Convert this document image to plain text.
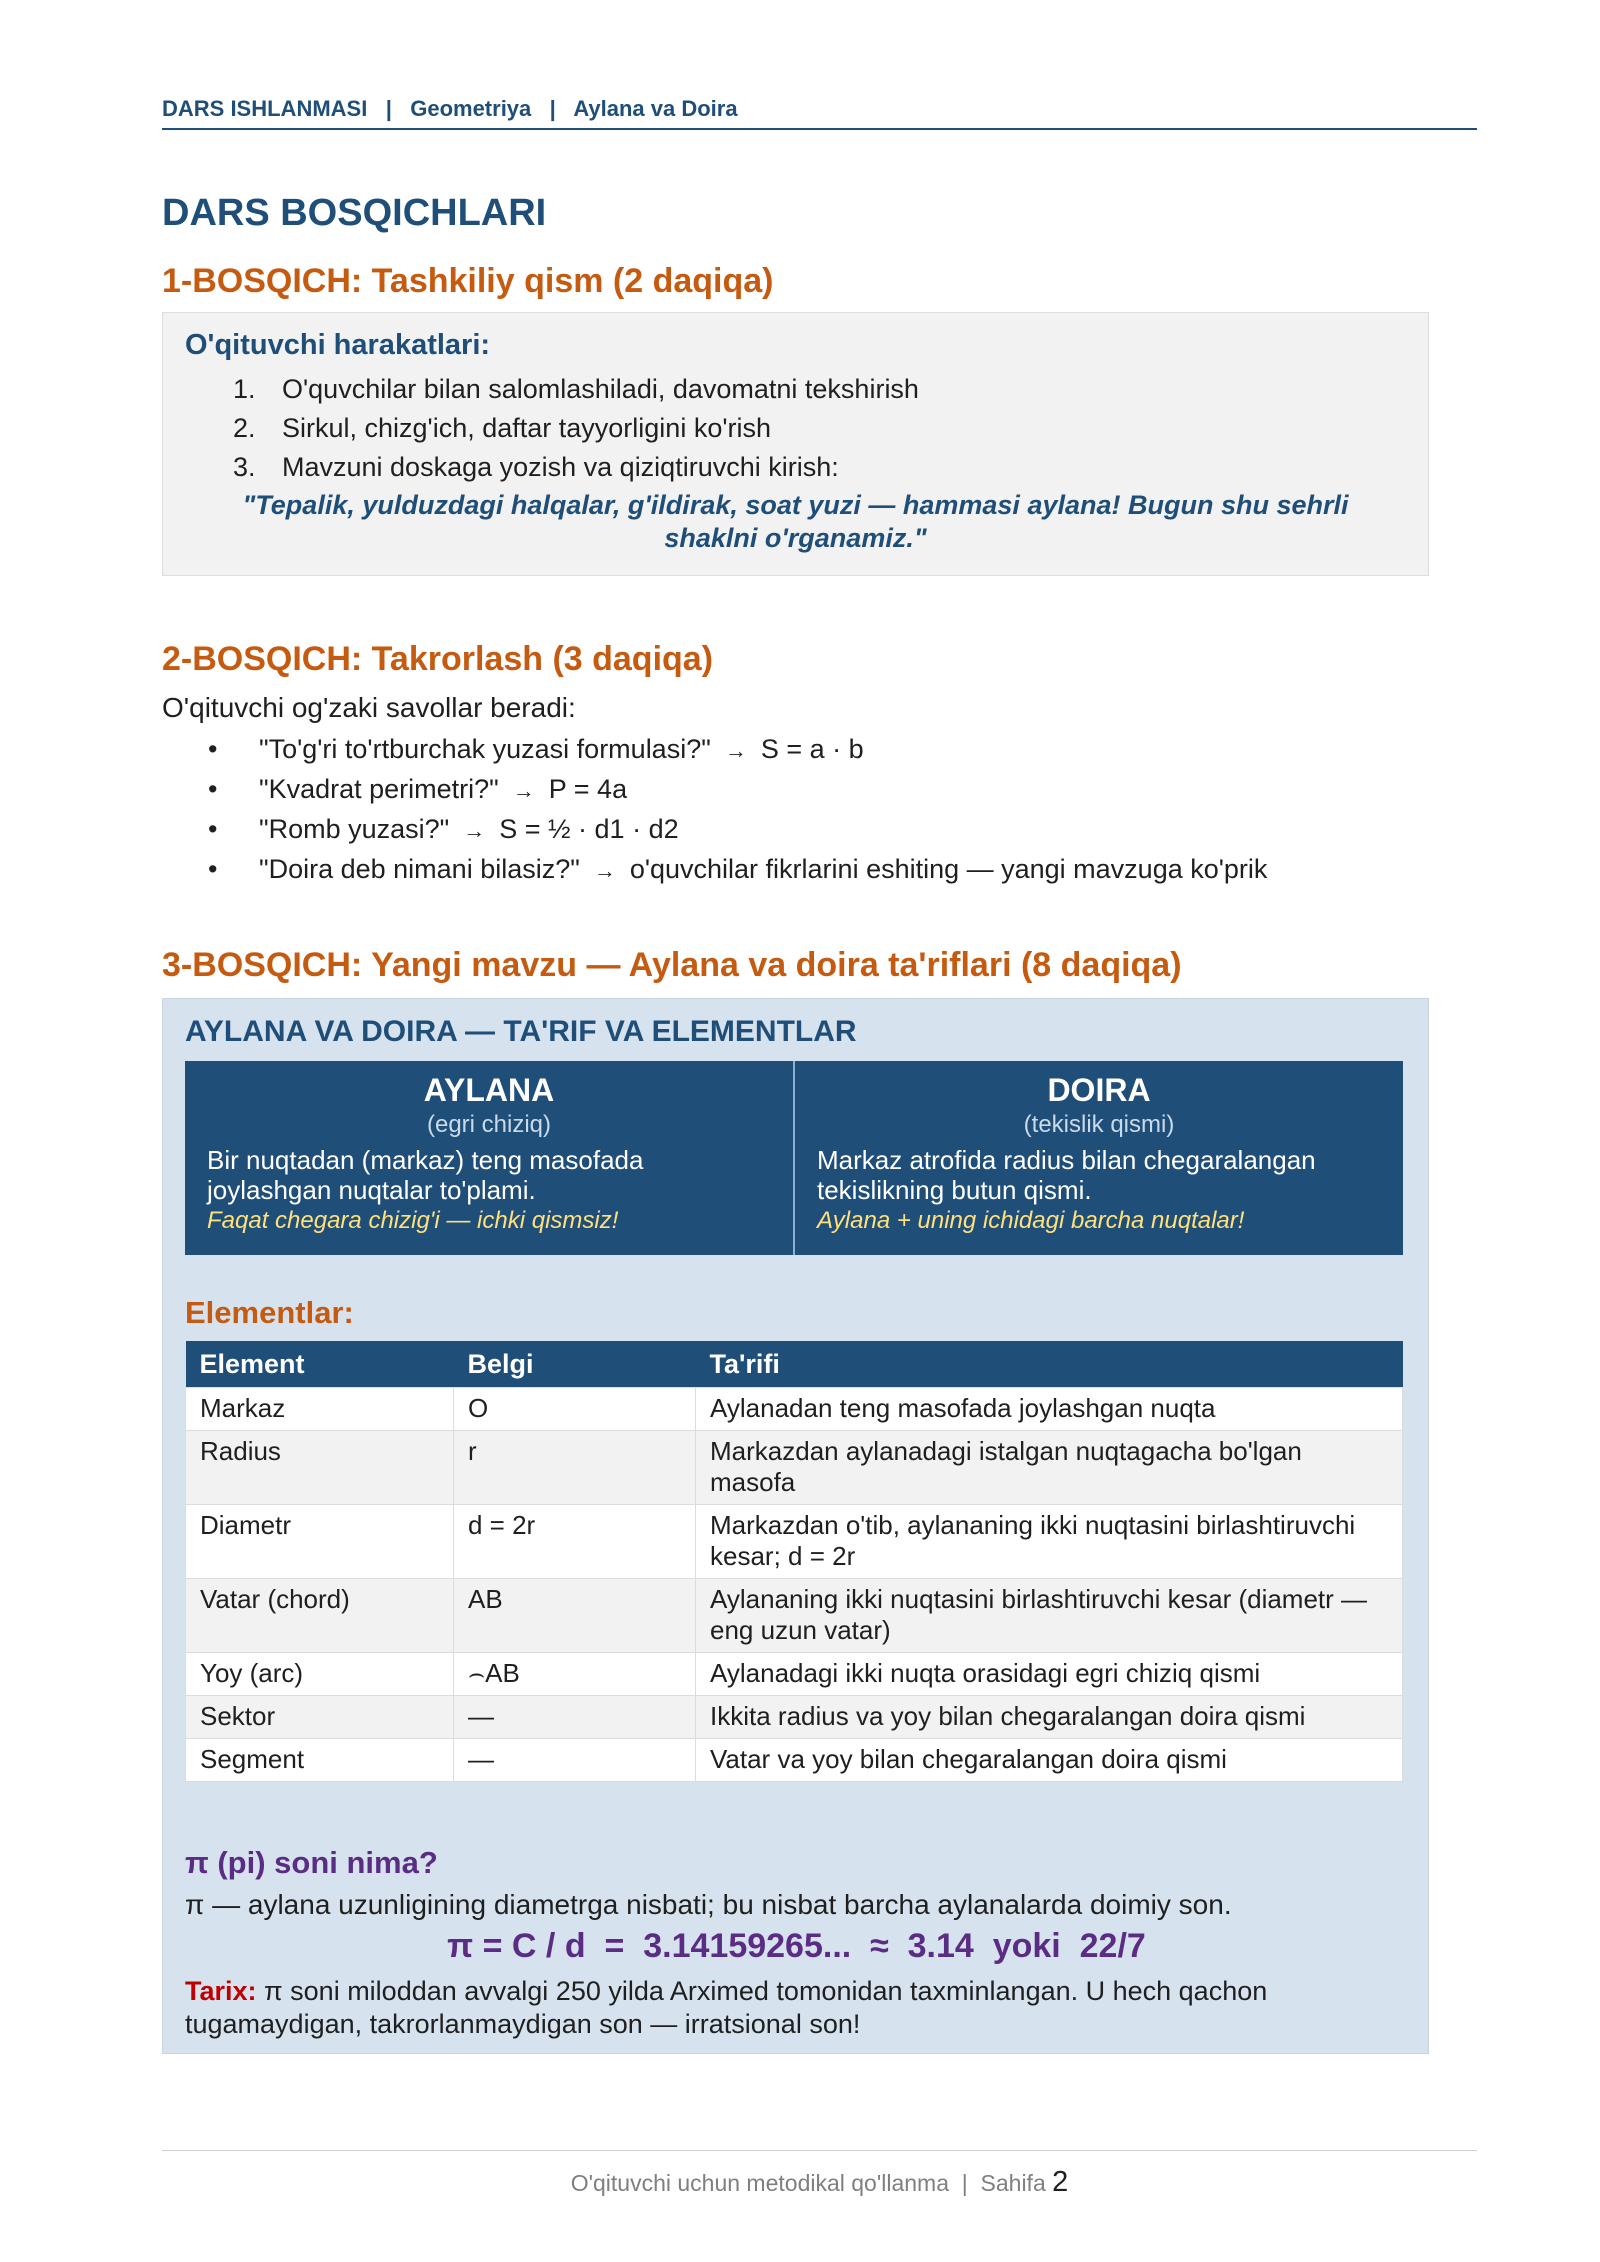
DARS ISHLANMASI | Geometriya | Aylana va Doira
DARS BOSQICHLARI
1-BOSQICH: Tashkiliy qism (2 daqiqa)
O'qituvchi harakatlari:
1. O'quvchilar bilan salomlashiladi, davomatni tekshirish
2. Sirkul, chizg'ich, daftar tayyorligini ko'rish
3. Mavzuni doskaga yozish va qiziqtiruvchi kirish:
"Tepalik, yulduzdagi halqalar, g'ildirak, soat yuzi — hammasi aylana! Bugun shu sehrli shaklni o'rganamiz."
2-BOSQICH: Takrorlash (3 daqiqa)
O'qituvchi og'zaki savollar beradi:
• "To'g'ri to'rtburchak yuzasi formulasi?" → S = a · b
• "Kvadrat perimetri?" → P = 4a
• "Romb yuzasi?" → S = ½ · d1 · d2
• "Doira deb nimani bilasiz?" → o'quvchilar fikrlarini eshiting — yangi mavzuga ko'prik
3-BOSQICH: Yangi mavzu — Aylana va doira ta'riflari (8 daqiqa)
AYLANA VA DOIRA — TA'RIF VA ELEMENTLAR
AYLANA
(egri chiziq)
Bir nuqtadan (markaz) teng masofada joylashgan nuqtalar to'plami.
Faqat chegara chizig'i — ichki qismsiz!
DOIRA
(tekislik qismi)
Markaz atrofida radius bilan chegaralangan tekislikning butun qismi.
Aylana + uning ichidagi barcha nuqtalar!
Elementlar:
Element	Belgi	Ta'rifi
Markaz	O	Aylanadan teng masofada joylashgan nuqta
Radius	r	Markazdan aylanadagi istalgan nuqtagacha bo'lgan masofa
Diametr	d = 2r	Markazdan o'tib, aylananing ikki nuqtasini birlashtiruvchi kesar; d = 2r
Vatar (chord)	AB	Aylananing ikki nuqtasini birlashtiruvchi kesar (diametr — eng uzun vatar)
Yoy (arc)	⌢AB	Aylanadagi ikki nuqta orasidagi egri chiziq qismi
Sektor	—	Ikkita radius va yoy bilan chegaralangan doira qismi
Segment	—	Vatar va yoy bilan chegaralangan doira qismi
π (pi) soni nima?
π — aylana uzunligining diametrga nisbati; bu nisbat barcha aylanalarda doimiy son.
π = C / d  =  3.14159265...  ≈  3.14  yoki  22/7
Tarix: π soni miloddan avvalgi 250 yilda Arximed tomonidan taxminlangan. U hech qachon tugamaydigan, takrorlanmaydigan son — irratsional son!
O'qituvchi uchun metodikal qo'llanma  |  Sahifa 2
